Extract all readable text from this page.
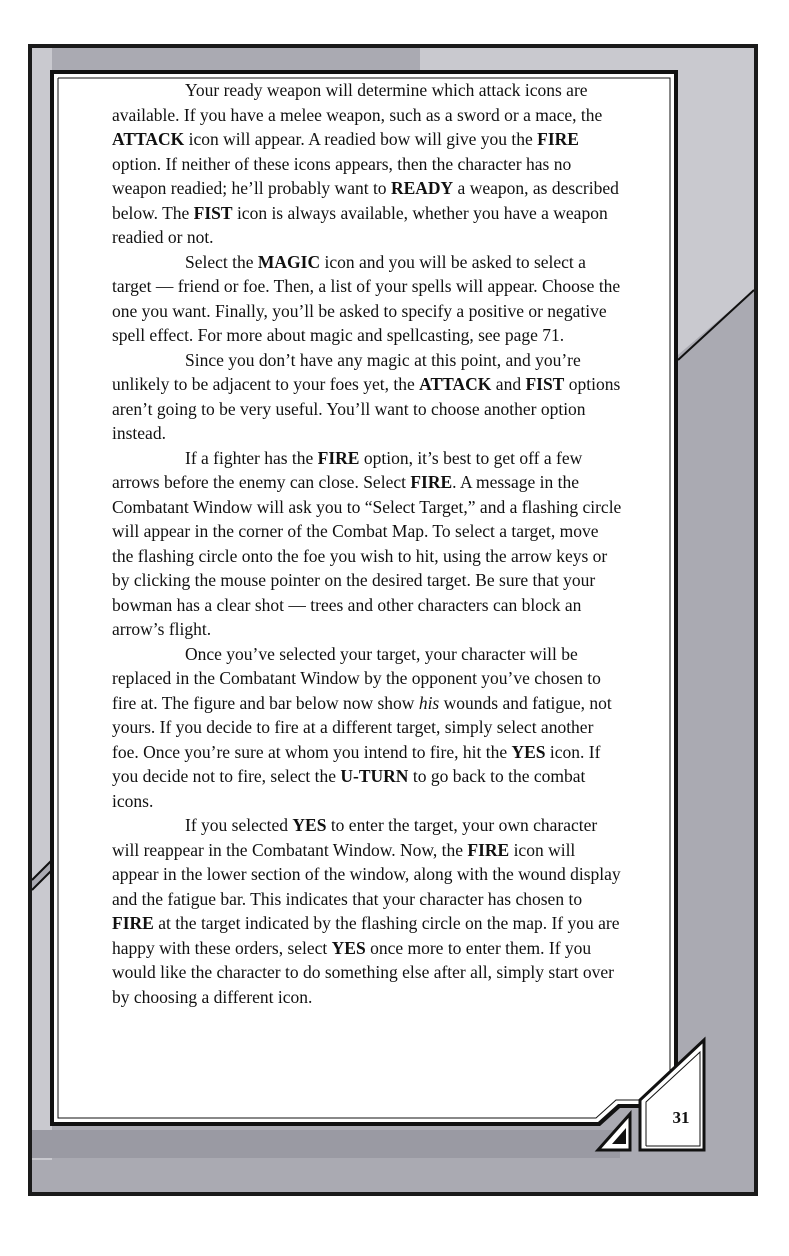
Your ready weapon will determine which attack icons are available. If you have a melee weapon, such as a sword or a mace, the ATTACK icon will appear. A readied bow will give you the FIRE option. If neither of these icons appears, then the character has no weapon readied; he’ll probably want to READY a weapon, as described below. The FIST icon is always available, whether you have a weapon readied or not.

Select the MAGIC icon and you will be asked to select a target — friend or foe. Then, a list of your spells will appear. Choose the one you want. Finally, you’ll be asked to specify a positive or negative spell effect. For more about magic and spellcasting, see page 71.

Since you don’t have any magic at this point, and you’re unlikely to be adjacent to your foes yet, the ATTACK and FIST options aren’t going to be very useful. You’ll want to choose another option instead.

If a fighter has the FIRE option, it’s best to get off a few arrows before the enemy can close. Select FIRE. A message in the Combatant Window will ask you to “Select Target,” and a flashing circle will appear in the corner of the Combat Map. To select a target, move the flashing circle onto the foe you wish to hit, using the arrow keys or by clicking the mouse pointer on the desired target. Be sure that your bowman has a clear shot — trees and other characters can block an arrow’s flight.

Once you’ve selected your target, your character will be replaced in the Combatant Window by the opponent you’ve chosen to fire at. The figure and bar below now show his wounds and fatigue, not yours. If you decide to fire at a different target, simply select another foe. Once you’re sure at whom you intend to fire, hit the YES icon. If you decide not to fire, select the U-TURN to go back to the combat icons.

If you selected YES to enter the target, your own character will reappear in the Combatant Window. Now, the FIRE icon will appear in the lower section of the window, along with the wound display and the fatigue bar. This indicates that your character has chosen to FIRE at the target indicated by the flashing circle on the map. If you are happy with these orders, select YES once more to enter them. If you would like the character to do something else after all, simply start over by choosing a different icon.

31
